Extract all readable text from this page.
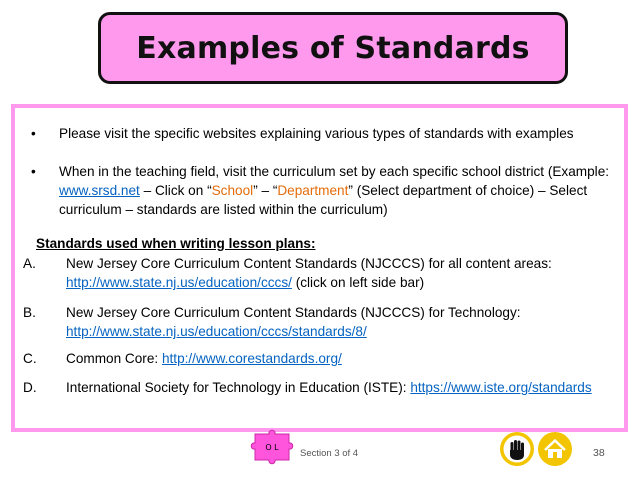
Examples of Standards
• Please visit the specific websites explaining various types of standards with examples
• When in the teaching field, visit the curriculum set by each specific school district (Example: www.srsd.net – Click on “School” – “Department” (Select department of choice) – Select curriculum – standards are listed within the curriculum)
Standards used when writing lesson plans:
A. New Jersey Core Curriculum Content Standards (NJCCCS) for all content areas: http://www.state.nj.us/education/cccs/ (click on left side bar)
B. New Jersey Core Curriculum Content Standards (NJCCCS) for Technology: http://www.state.nj.us/education/cccs/standards/8/
C. Common Core: http://www.corestandards.org/
D. International Society for Technology in Education (ISTE): https://www.iste.org/standards
O L
Section 3 of 4	38
